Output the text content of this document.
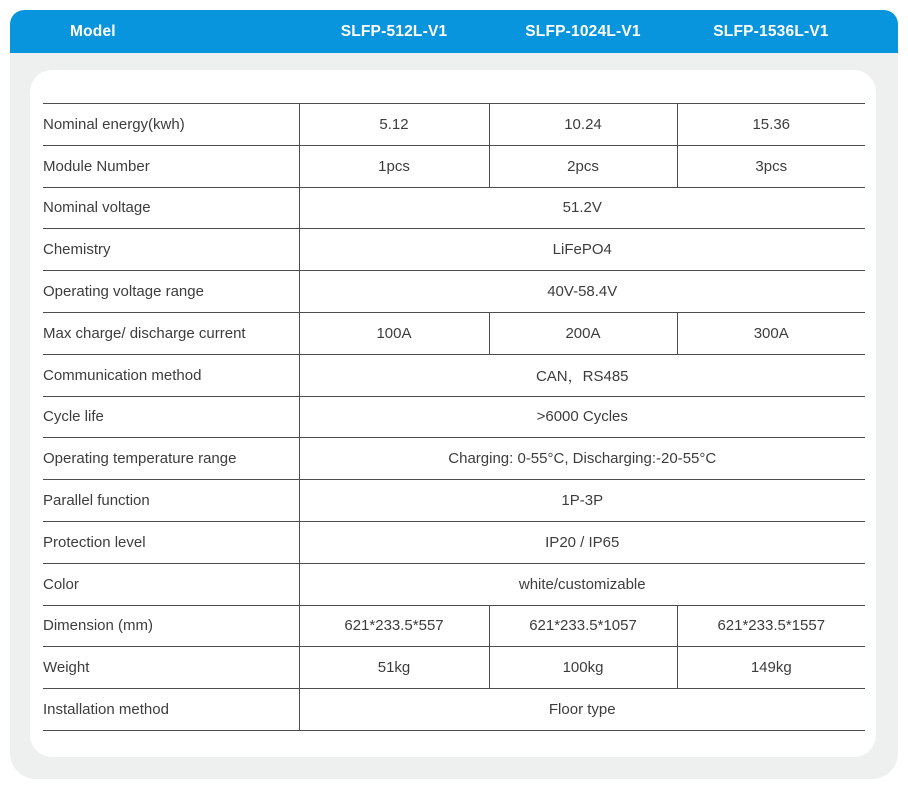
Model	SLFP-512L-V1	SLFP-1024L-V1	SLFP-1536L-V1
Nominal energy(kwh)	5.12	10.24	15.36
Module Number	1pcs	2pcs	3pcs
Nominal voltage	51.2V		
Chemistry	LiFePO4		
Operating voltage range	40V-58.4V		
Max charge/ discharge current	100A	200A	300A
Communication method	CAN，RS485		
Cycle life	>6000 Cycles		
Operating temperature range	Charging: 0-55°C, Discharging:-20-55°C		
Parallel function	1P-3P		
Protection level	IP20 / IP65		
Color	white/customizable		
Dimension (mm)	621*233.5*557	621*233.5*1057	621*233.5*1557
Weight	51kg	100kg	149kg
Installation method	Floor type		
